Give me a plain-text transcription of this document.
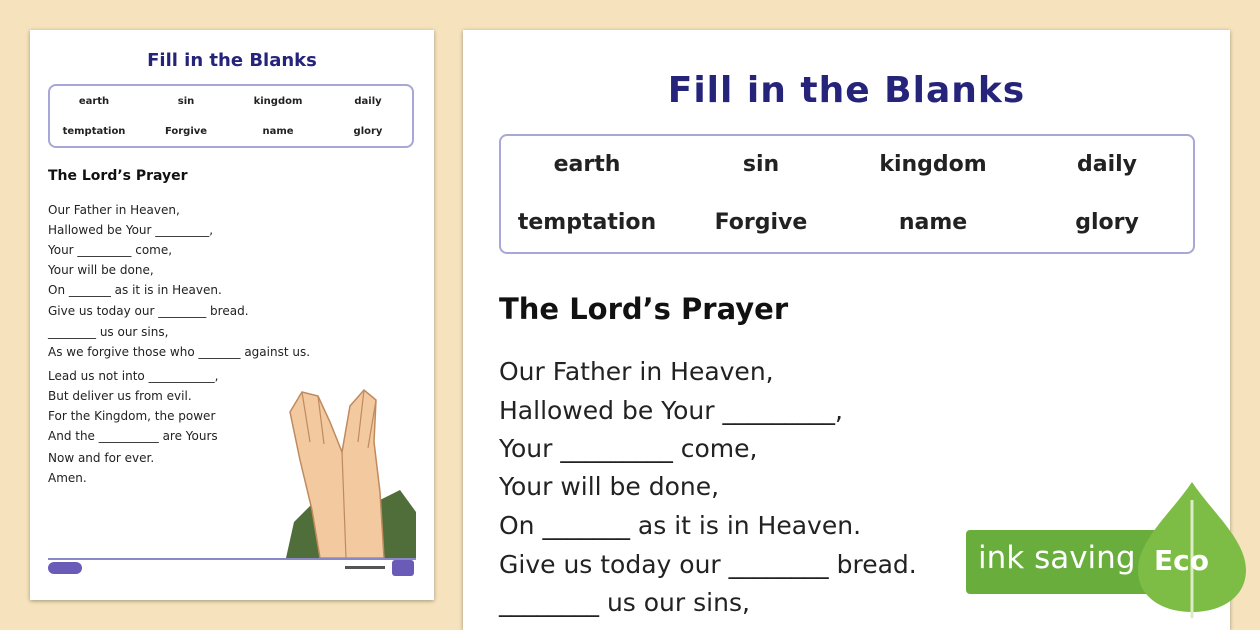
Fill in the Blanks
earth	sin	kingdom	daily
temptation	Forgive	name	glory
The Lord’s Prayer
Our Father in Heaven,
Hallowed be Your _________,
Your _________ come,
Your will be done,
On _______ as it is in Heaven.
Give us today our ________ bread.
________ us our sins,
As we forgive those who _______ against us.
Lead us not into ___________,
But deliver us from evil.
For the Kingdom, the power
And the __________ are Yours
Now and for ever.
Amen.
Fill in the Blanks
earth	sin	kingdom	daily
temptation	Forgive	name	glory
The Lord’s Prayer
Our Father in Heaven,
Hallowed be Your _________,
Your _________ come,
Your will be done,
On _______ as it is in Heaven.
Give us today our ________ bread.
________ us our sins,
ink saving Eco
